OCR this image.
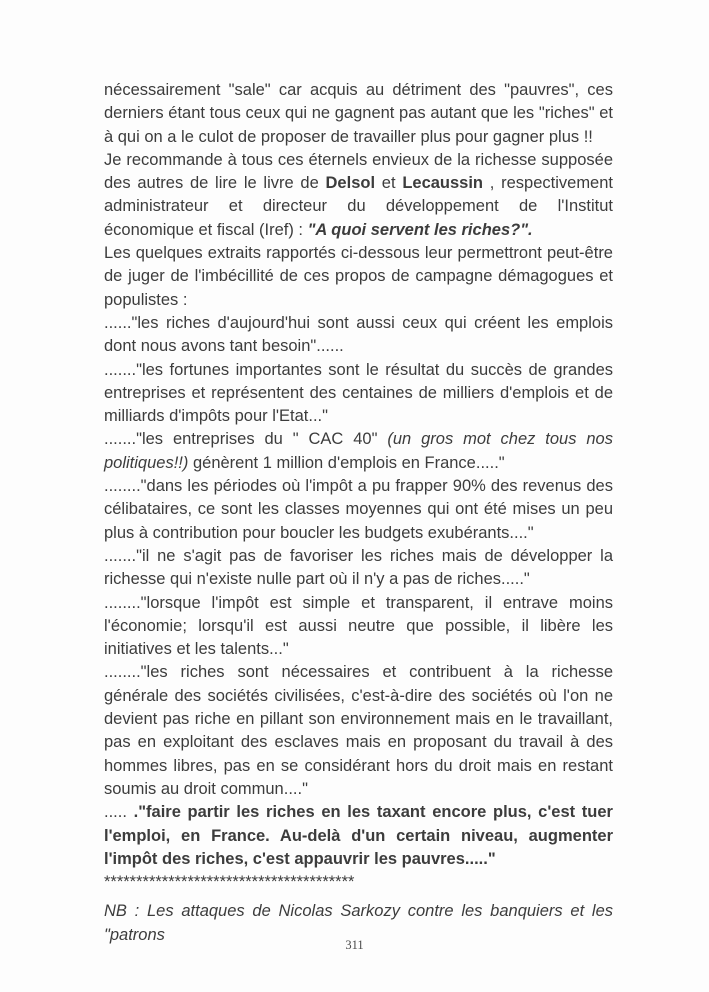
nécessairement "sale" car acquis au détriment des "pauvres", ces derniers étant tous ceux qui ne gagnent pas autant que les "riches" et à qui on a le culot de proposer de travailler plus pour gagner plus !!

Je recommande à tous ces éternels envieux de la richesse supposée des autres de lire le livre de Delsol et Lecaussin , respectivement administrateur et directeur du développement de l'Institut économique et fiscal (Iref) : "A quoi servent les riches?".

Les quelques extraits rapportés ci-dessous leur permettront peut-être de juger de l'imbécillité de ces propos de campagne démagogues et populistes :

......"les riches d'aujourd'hui sont aussi ceux qui créent les emplois dont nous avons tant besoin"......

......."les fortunes importantes sont le résultat du succès de grandes entreprises et représentent des centaines de milliers d'emplois et de milliards d'impôts pour l'Etat..."

......."les entreprises du " CAC 40" (un gros mot chez tous nos politiques!!) génèrent 1 million d'emplois en France....."

........"dans les périodes où l'impôt a pu frapper 90% des revenus des célibataires, ce sont les classes moyennes qui ont été mises un peu plus à contribution pour boucler les budgets exubérants...."

......."il ne s'agit pas de favoriser les riches mais de développer la richesse qui n'existe nulle part où il n'y a pas de riches....."

........"lorsque l'impôt est simple et transparent, il entrave moins l'économie; lorsqu'il est aussi neutre que possible, il libère les initiatives et les talents..."

........"les riches sont nécessaires et contribuent à la richesse générale des sociétés civilisées, c'est-à-dire des sociétés où l'on ne devient pas riche en pillant son environnement mais en le travaillant, pas en exploitant des esclaves mais en proposant du travail à des hommes libres, pas en se considérant hors du droit mais en restant soumis au droit commun...."

..... ."faire partir les riches en les taxant encore plus, c'est tuer l'emploi, en France. Au-delà d'un certain niveau, augmenter l'impôt des riches, c'est appauvrir les pauvres....."

***************************************

NB : Les attaques de Nicolas Sarkozy contre les banquiers et les "patrons

311
